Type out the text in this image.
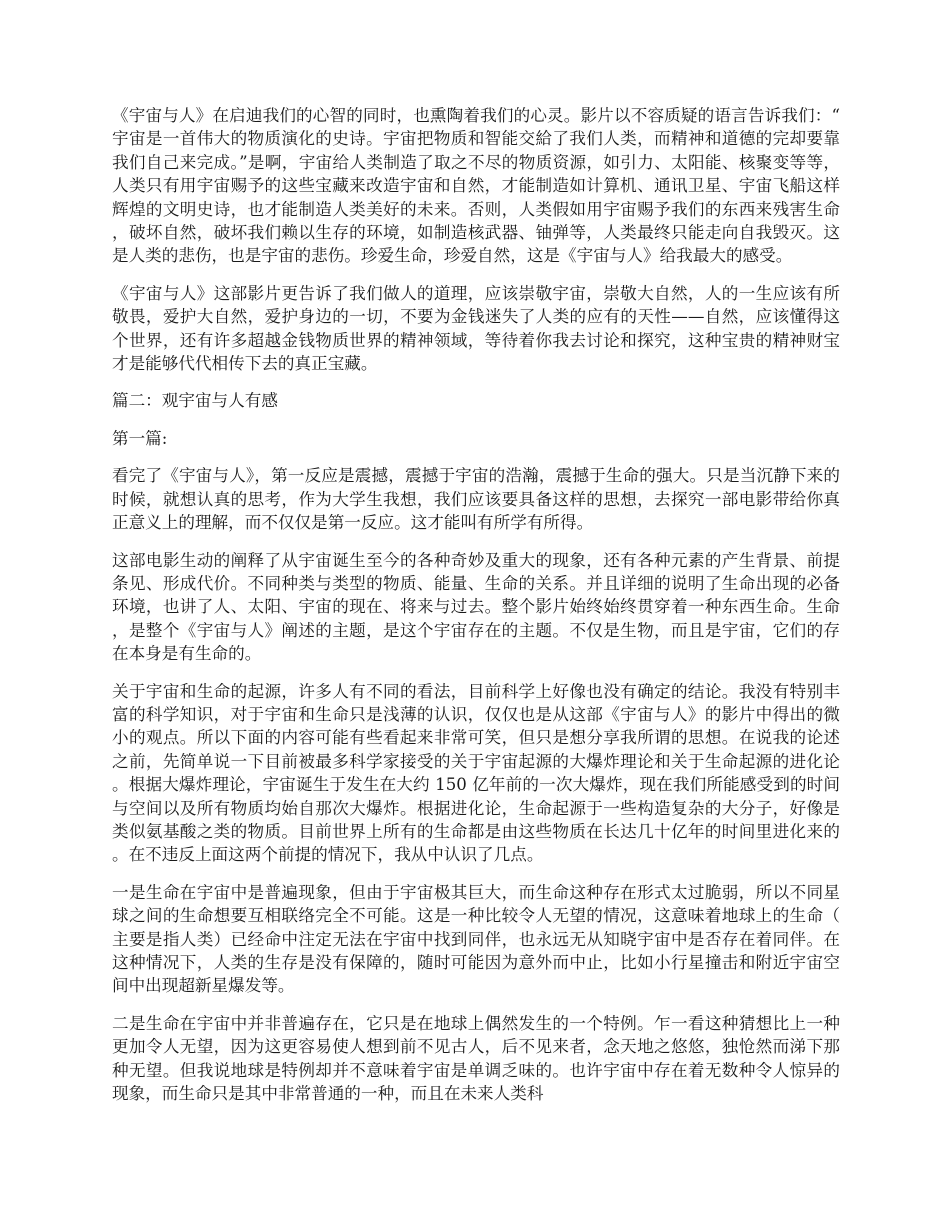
《宇宙与人》在启迪我们的心智的同时，也熏陶着我们的心灵。影片以不容质疑的语言告诉我们：“宇宙是一首伟大的物质演化的史诗。宇宙把物质和智能交給了我们人类，而精神和道德的完却要靠我们自己来完成。”是啊，宇宙给人类制造了取之不尽的物质资源，如引力、太阳能、核聚变等等，人类只有用宇宙赐予的这些宝藏来改造宇宙和自然，才能制造如计算机、通讯卫星、宇宙飞船这样辉煌的文明史诗，也才能制造人类美好的未来。否则，人类假如用宇宙赐予我们的东西来残害生命，破坏自然，破坏我们赖以生存的环境，如制造核武器、铀弹等，人类最终只能走向自我毁灭。这是人类的悲伤，也是宇宙的悲伤。珍爱生命，珍爱自然，这是《宇宙与人》给我最大的感受。

《宇宙与人》这部影片更告诉了我们做人的道理，应该崇敬宇宙，崇敬大自然，人的一生应该有所敬畏，爱护大自然，爱护身边的一切，不要为金钱迷失了人类的应有的天性——自然，应该懂得这个世界，还有许多超越金钱物质世界的精神领域，等待着你我去讨论和探究，这种宝贵的精神财宝才是能够代代相传下去的真正宝藏。

篇二：观宇宙与人有感

第一篇:

看完了《宇宙与人》，第一反应是震撼，震撼于宇宙的浩瀚，震撼于生命的强大。只是当沉静下来的时候，就想认真的思考，作为大学生我想，我们应该要具备这样的思想，去探究一部电影带给你真正意义上的理解，而不仅仅是第一反应。这才能叫有所学有所得。

这部电影生动的阐释了从宇宙诞生至今的各种奇妙及重大的现象，还有各种元素的产生背景、前提条见、形成代价。不同种类与类型的物质、能量、生命的关系。并且详细的说明了生命出现的必备环境，也讲了人、太阳、宇宙的现在、将来与过去。整个影片始终始终贯穿着一种东西生命。生命，是整个《宇宙与人》阐述的主题，是这个宇宙存在的主题。不仅是生物，而且是宇宙，它们的存在本身是有生命的。

关于宇宙和生命的起源，许多人有不同的看法，目前科学上好像也没有确定的结论。我没有特别丰富的科学知识，对于宇宙和生命只是浅薄的认识，仅仅也是从这部《宇宙与人》的影片中得出的微小的观点。所以下面的内容可能有些看起来非常可笑，但只是想分享我所谓的思想。在说我的论述之前，先简单说一下目前被最多科学家接受的关于宇宙起源的大爆炸理论和关于生命起源的进化论。根据大爆炸理论，宇宙诞生于发生在大约 150 亿年前的一次大爆炸，现在我们所能感受到的时间与空间以及所有物质均始自那次大爆炸。根据进化论，生命起源于一些构造复杂的大分子，好像是类似氨基酸之类的物质。目前世界上所有的生命都是由这些物质在长达几十亿年的时间里进化来的。在不违反上面这两个前提的情况下，我从中认识了几点。

一是生命在宇宙中是普遍现象，但由于宇宙极其巨大，而生命这种存在形式太过脆弱，所以不同星球之间的生命想要互相联络完全不可能。这是一种比较令人无望的情况，这意味着地球上的生命（主要是指人类）已经命中注定无法在宇宙中找到同伴，也永远无从知晓宇宙中是否存在着同伴。在这种情况下，人类的生存是没有保障的，随时可能因为意外而中止，比如小行星撞击和附近宇宙空间中出现超新星爆发等。

二是生命在宇宙中并非普遍存在，它只是在地球上偶然发生的一个特例。乍一看这种猜想比上一种更加令人无望，因为这更容易使人想到前不见古人，后不见来者，念天地之悠悠，独怆然而涕下那种无望。但我说地球是特例却并不意味着宇宙是单调乏味的。也许宇宙中存在着无数种令人惊异的现象，而生命只是其中非常普通的一种，而且在未来人类科
